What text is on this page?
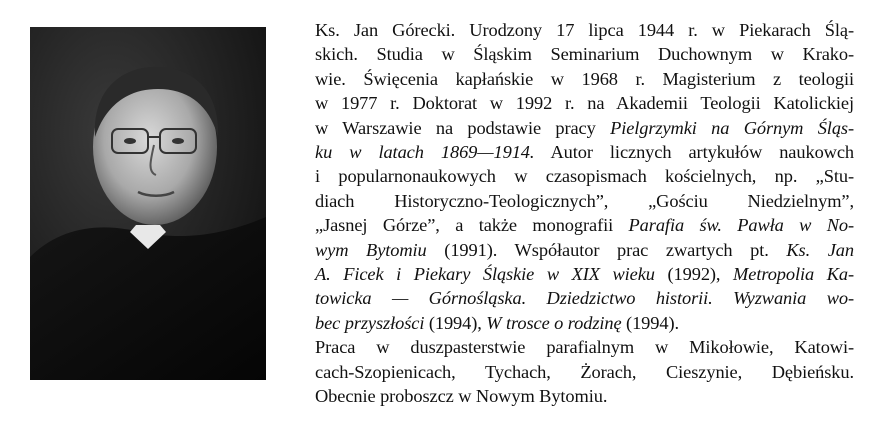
Ks. Jan Górecki. Urodzony 17 lipca 1944 r. w Piekarach Ślą-
skich. Studia w Śląskim Seminarium Duchownym w Krako-
wie. Święcenia kapłańskie w 1968 r. Magisterium z teologii
w 1977 r. Doktorat w 1992 r. na Akademii Teologii Katolickiej
w Warszawie na podstawie pracy Pielgrzymki na Górnym Śląs-
ku w latach 1869—1914. Autor licznych artykułów naukowch
i popularnonaukowych w czasopismach kościelnych, np. „Stu-
diach Historyczno-Teologicznych”, „Gościu Niedzielnym”,
„Jasnej Górze”, a także monografii Parafia św. Pawła w No-
wym Bytomiu (1991). Współautor prac zwartych pt. Ks. Jan
A. Ficek i Piekary Śląskie w XIX wieku (1992), Metropolia Ka-
towicka — Górnośląska. Dziedzictwo historii. Wyzwania wo-
bec przyszłości (1994), W trosce o rodzinę (1994).

Praca w duszpasterstwie parafialnym w Mikołowie, Katowi-
cach-Szopienicach, Tychach, Żorach, Cieszynie, Dębieńsku.
Obecnie proboszcz w Nowym Bytomiu.
